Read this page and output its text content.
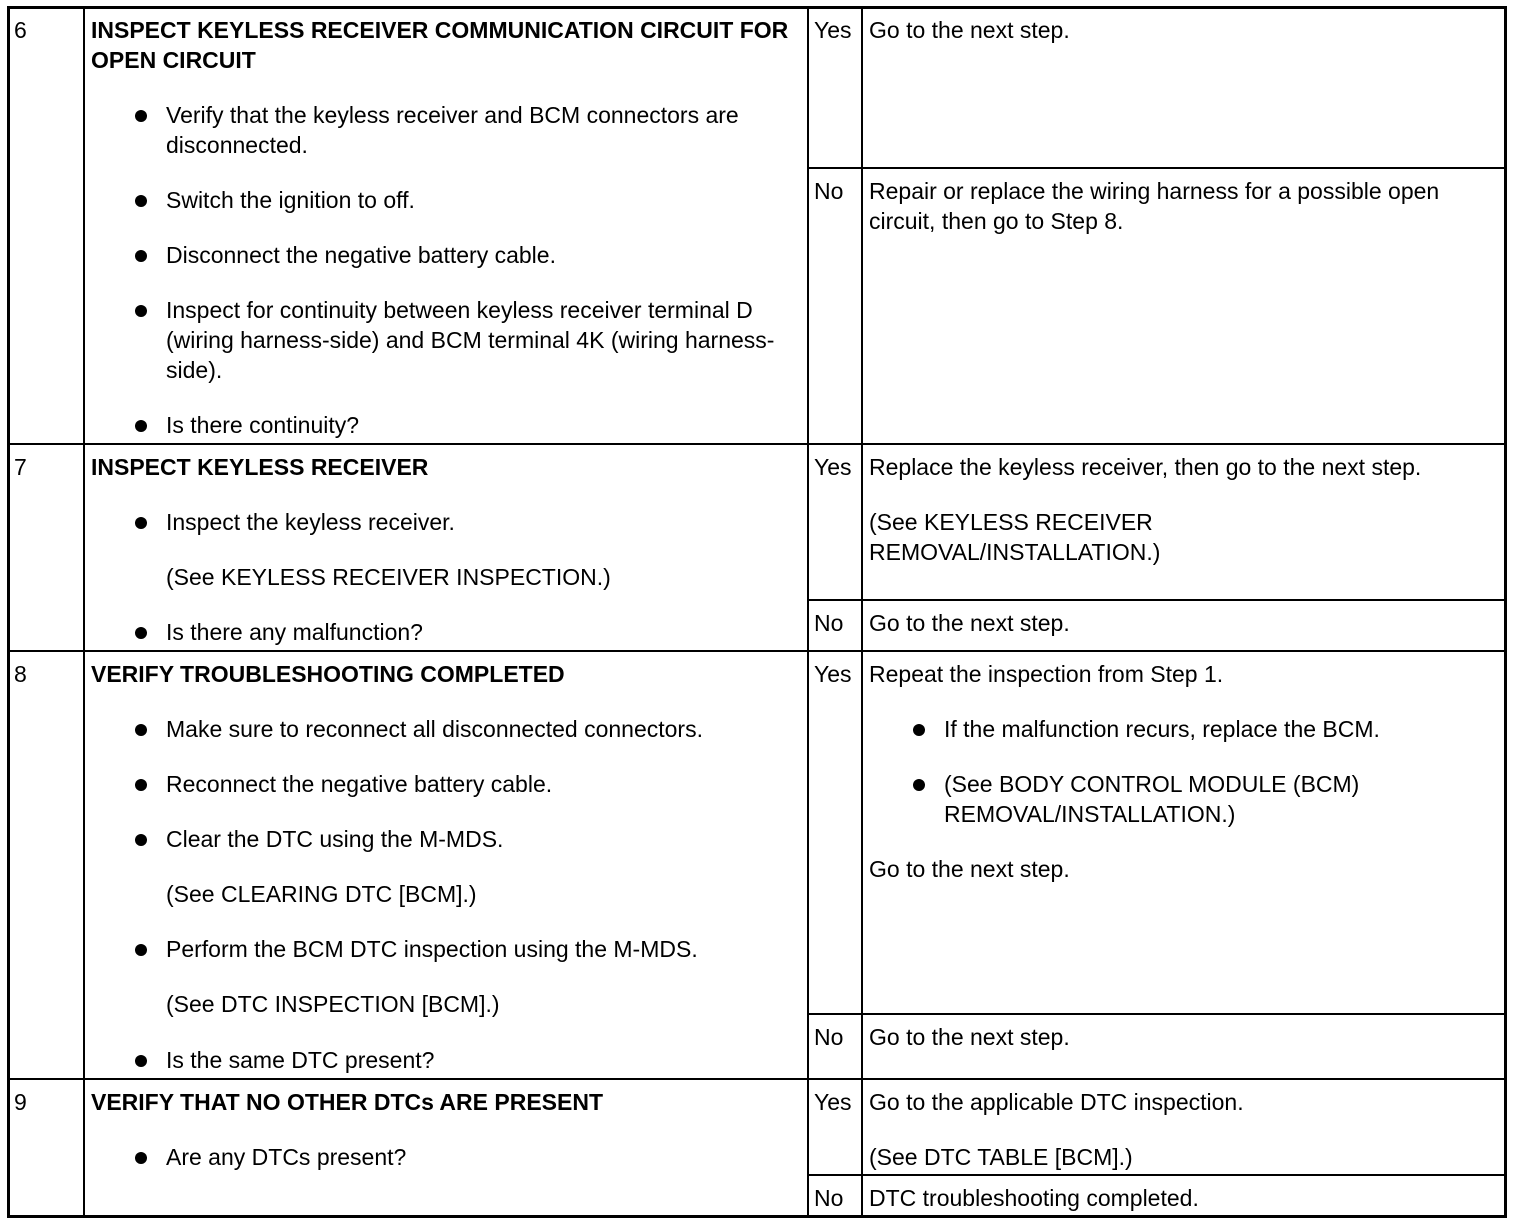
6	INSPECT KEYLESS RECEIVER COMMUNICATION CIRCUIT FOR OPEN CIRCUIT
Verify that the keyless receiver and BCM connectors are disconnected.
Switch the ignition to off.
Disconnect the negative battery cable.
Inspect for continuity between keyless receiver terminal D (wiring harness-side) and BCM terminal 4K (wiring harness-side).
Is there continuity?
Yes Go to the next step.
No Repair or replace the wiring harness for a possible open circuit, then go to Step 8.
7	INSPECT KEYLESS RECEIVER
Inspect the keyless receiver.
(See KEYLESS RECEIVER INSPECTION.)
Is there any malfunction?
Yes Replace the keyless receiver, then go to the next step.
(See KEYLESS RECEIVER REMOVAL/INSTALLATION.)
No Go to the next step.
8	VERIFY TROUBLESHOOTING COMPLETED
Make sure to reconnect all disconnected connectors.
Reconnect the negative battery cable.
Clear the DTC using the M-MDS.
(See CLEARING DTC [BCM].)
Perform the BCM DTC inspection using the M-MDS.
(See DTC INSPECTION [BCM].)
Is the same DTC present?
Yes Repeat the inspection from Step 1.
If the malfunction recurs, replace the BCM.
(See BODY CONTROL MODULE (BCM) REMOVAL/INSTALLATION.)
Go to the next step.
No Go to the next step.
9	VERIFY THAT NO OTHER DTCs ARE PRESENT
Are any DTCs present?
Yes Go to the applicable DTC inspection.
(See DTC TABLE [BCM].)
No DTC troubleshooting completed.
